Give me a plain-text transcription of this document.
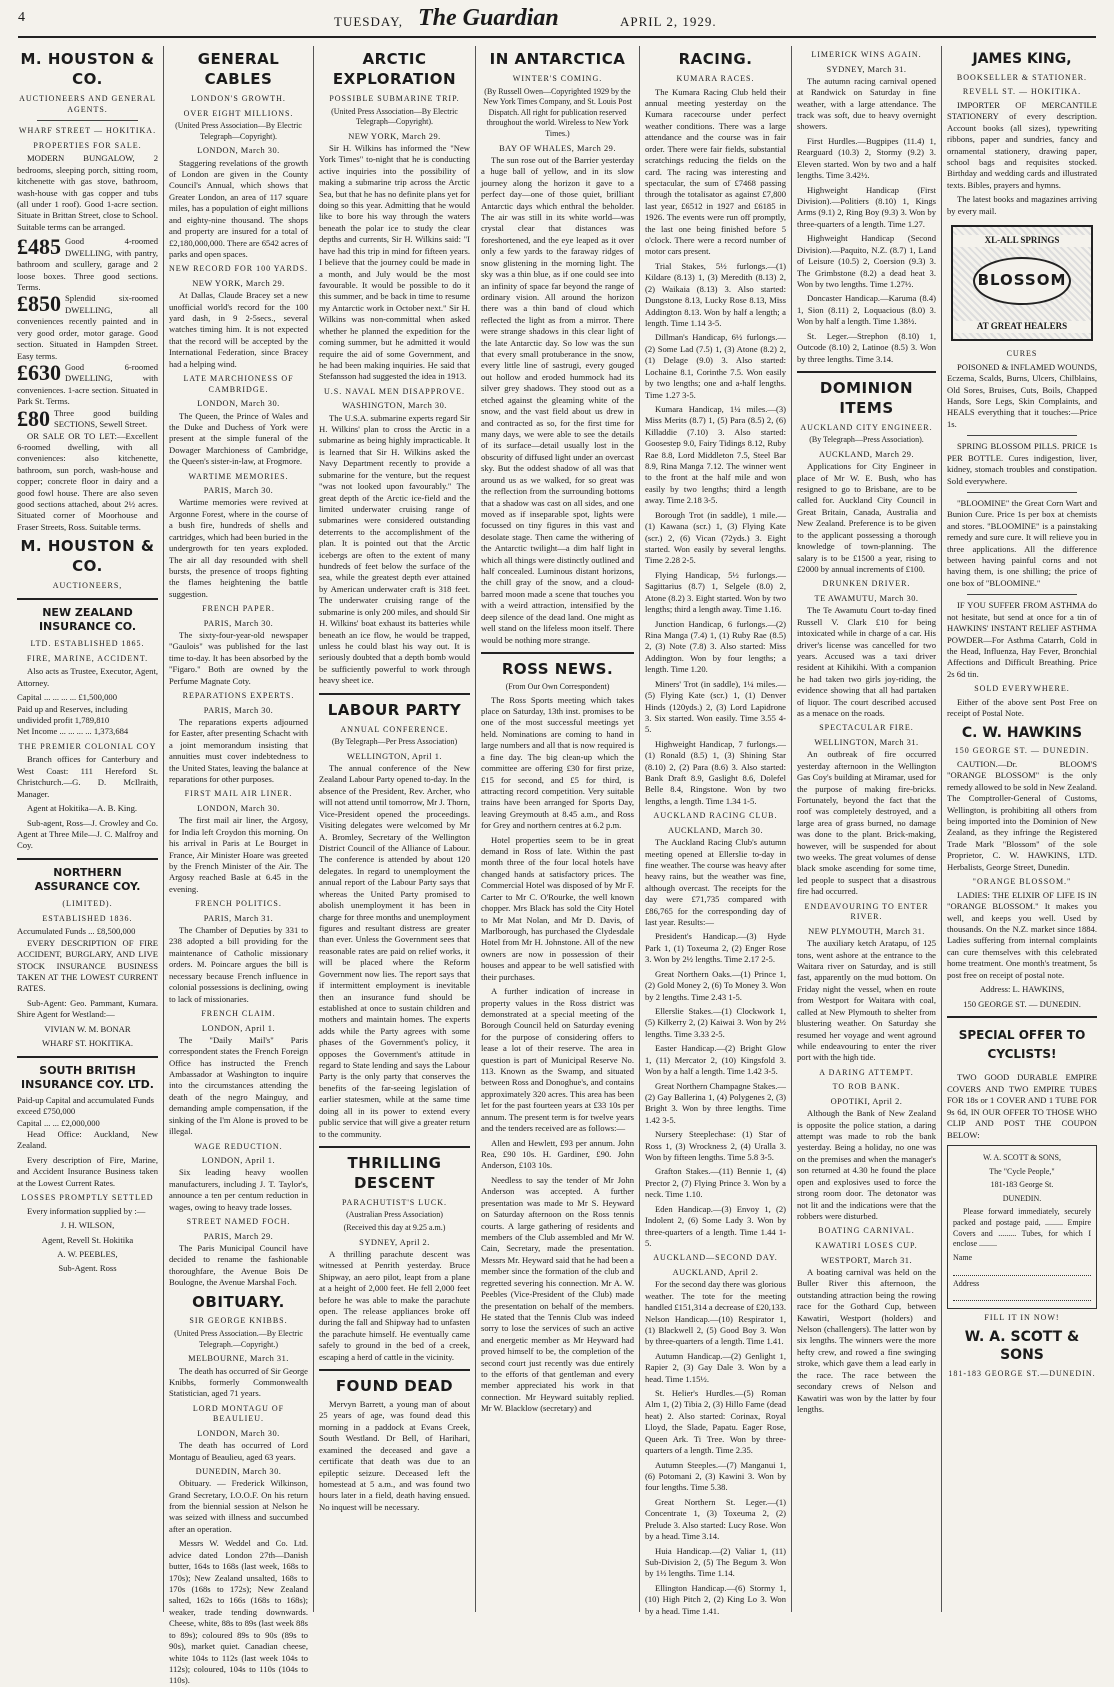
4	TUESDAY, The Guardian	APRIL 2, 1929.
M. HOUSTON & CO.
AUCTIONEERS AND GENERAL AGENTS.
WHARF STREET — HOKITIKA.
PROPERTIES FOR SALE.

MODERN BUNGALOW, 2 bedrooms, sleeping porch, sitting room, kitchenette with gas stove, bathroom, wash-house with gas copper and tubs (all under 1 roof). Good 1-acre section. Situate in Brittan Street, close to School. Suitable terms can be arranged.

£485 Good 4-roomed DWELLING, with pantry, bathroom and scullery, garage and 2 loose boxes. Three good sections. Terms.
£850 Splendid six-roomed DWELLING, all conveniences recently painted and in very good order, motor garage. Good section. Situated in Hampden Street. Easy terms.
£630 Good 6-roomed DWELLING, with conveniences. 1-acre section. Situated in Park St. Terms.
£80 Three good building SECTIONS, Sewell Street.

OR SALE OR TO LET:—Excellent 6-roomed dwelling, with all conveniences: also kitchenette, bathroom, sun porch, wash-house and copper; concrete floor in dairy and a good fowl house. There are also seven good sections attached, about 2½ acres. Situated corner of Moorhouse and Fraser Streets, Ross. Suitable terms.

M. HOUSTON & CO.
AUCTIONEERS,
NEW ZEALAND INSURANCE CO.
LTD. ESTABLISHED 1865.
FIRE, MARINE, ACCIDENT.

Also acts as Trustee, Executor, Agent, Attorney.

Capital ... ... ... ... £1,500,000
Paid up and Reserves, including undivided profit 1,789,810
Net Income ... ... ... ... 1,373,684
THE PREMIER COLONIAL COY

Branch offices for Canterbury and West Coast: 111 Hereford St. Christchurch.—G. D. McIlraith, Manager.

Agent at Hokitika—A. B. King.

Sub-agent, Ross—J. Crowley and Co. Agent at Three Mile—J. C. Malfroy and Coy.

NORTHERN ASSURANCE COY.
(LIMITED).
ESTABLISHED 1836.
Accumulated Funds ... £8,500,000

EVERY DESCRIPTION OF FIRE ACCIDENT, BURGLARY, AND LIVE STOCK INSURANCE BUSINESS TAKEN AT THE LOWEST CURRENT RATES.

Sub-Agent: Geo. Pammant, Kumara. Shire Agent for Westland:—

VIVIAN W. M. BONAR
WHARF ST. HOKITIKA.
SOUTH BRITISH INSURANCE COY. LTD.
Paid-up Capital and accumulated Funds exceed £750,000
Capital ... ... £2,000,000

Head Office: Auckland, New Zealand.

Every description of Fire, Marine, and Accident Insurance Business taken at the Lowest Current Rates.

LOSSES PROMPTLY SETTLED

Every information supplied by :—

J. H. WILSON,
Agent, Revell St. Hokitika
A. W. PEEBLES,
Sub-Agent. Ross
GENERAL CABLES
LONDON'S GROWTH.
OVER EIGHT MILLIONS.
(United Press Association—By Electric Telegraph—Copyright).
LONDON, March 30.

Staggering revelations of the growth of London are given in the County Council's Annual, which shows that Greater London, an area of 117 square miles, has a population of eight millions and eighty-nine thousand. The shops and property are insured for a total of £2,180,000,000. There are 6542 acres of parks and open spaces.

NEW RECORD FOR 100 YARDS.
NEW YORK, March 29.

At Dallas, Claude Bracey set a new unofficial world's record for the 100 yard dash, in 9 2-5secs., several watches timing him. It is not expected that the record will be accepted by the International Federation, since Bracey had a helping wind.

LATE MARCHIONESS OF CAMBRIDGE.
LONDON, March 30.

The Queen, the Prince of Wales and the Duke and Duchess of York were present at the simple funeral of the Dowager Marchioness of Cambridge, the Queen's sister-in-law, at Frogmore.

WARTIME MEMORIES.
PARIS, March 30.

Wartime memories were revived at Argonne Forest, where in the course of a bush fire, hundreds of shells and cartridges, which had been buried in the undergrowth for ten years exploded. The air all day resounded with shell bursts, the presence of troops fighting the flames heightening the battle suggestion.

FRENCH PAPER.
PARIS, March 30.

The sixty-four-year-old newspaper "Gaulois" was published for the last time to-day. It has been absorbed by the "Figaro." Both are owned by the Perfume Magnate Coty.

REPARATIONS EXPERTS.
PARIS, March 30.

The reparations experts adjourned for Easter, after presenting Schacht with a joint memorandum insisting that annuities must cover indebtedness to the United States, leaving the balance at reparations for other purposes.

FIRST MAIL AIR LINER.
LONDON, March 30.

The first mail air liner, the Argosy, for India left Croydon this morning. On his arrival in Paris at Le Bourget in France, Air Minister Hoare was greeted by the French Minister of the Air. The Argosy reached Basle at 6.45 in the evening.

FRENCH POLITICS.
PARIS, March 31.

The Chamber of Deputies by 331 to 238 adopted a bill providing for the maintenance of Catholic missionary orders. M. Poincare argues the bill is necessary because French influence in colonial possessions is declining, owing to lack of missionaries.

FRENCH CLAIM.
LONDON, April 1.

The "Daily Mail's" Paris correspondent states the French Foreign Office has instructed the French Ambassador at Washington to inquire into the circumstances attending the death of the negro Mainguy, and demanding ample compensation, if the sinking of the I'm Alone is proved to be illegal.

WAGE REDUCTION.
LONDON, April 1.

Six leading heavy woollen manufacturers, including J. T. Taylor's, announce a ten per centum reduction in wages, owing to heavy trade losses.

STREET NAMED FOCH.
PARIS, March 29.

The Paris Municipal Council have decided to rename the fashionable thoroughfare, the Avenue Bois De Boulogne, the Avenue Marshal Foch.

OBITUARY.
SIR GEORGE KNIBBS.
(United Press Association.—By Electric Telegraph.—Copyright.)
MELBOURNE, March 31.

The death has occurred of Sir George Knibbs, formerly Commonwealth Statistician, aged 71 years.

LORD MONTAGU OF BEAULIEU.
LONDON, March 30.

The death has occurred of Lord Montagu of Beaulieu, aged 63 years.

DUNEDIN, March 30.

Obituary. — Frederick Wilkinson, Grand Secretary, I.O.O.F. On his return from the biennial session at Nelson he was seized with illness and succumbed after an operation.

Messrs W. Weddel and Co. Ltd. advice dated London 27th—Danish butter, 164s to 168s (last week, 168s to 170s); New Zealand unsalted, 168s to 170s (168s to 172s); New Zealand salted, 162s to 166s (168s to 168s); weaker, trade tending downwards. Cheese, white, 88s to 89s (last week 88s to 89s); coloured 89s to 90s (89s to 90s), market quiet. Canadian cheese, white 104s to 112s (last week 104s to 112s); coloured, 104s to 110s (104s to 110s).

ARCTIC EXPLORATION
POSSIBLE SUBMARINE TRIP.
(United Press Association—By Electric Telegraph—Copyright).
NEW YORK, March 29.

Sir H. Wilkins has informed the "New York Times" to-night that he is conducting active inquiries into the possibility of making a submarine trip across the Arctic Sea, but that he has no definite plans yet for doing so this year. Admitting that he would like to bore his way through the waters beneath the polar ice to study the clear depths and currents, Sir H. Wilkins said: "I have had this trip in mind for fifteen years. I believe that the journey could be made in a month, and July would be the most favourable. It would be possible to do it this summer, and be back in time to resume my Antarctic work in October next." Sir H. Wilkins was non-committal when asked whether he planned the expedition for the coming summer, but he admitted it would require the aid of some Government, and he had been making inquiries. He said that Stefansson had suggested the idea in 1913.

U.S. NAVAL MEN DISAPPROVE.
WASHINGTON, March 30.

The U.S.A. submarine experts regard Sir H. Wilkins' plan to cross the Arctic in a submarine as being highly impracticable. It is learned that Sir H. Wilkins asked the Navy Department recently to provide a submarine for the venture, but the request "was not looked upon favourably." The great depth of the Arctic ice-field and the limited underwater cruising range of submarines were considered outstanding deterrents to the accomplishment of the plan. It is pointed out that the Arctic icebergs are often to the extent of many hundreds of feet below the surface of the sea, while the greatest depth ever attained by American underwater craft is 318 feet. The underwater cruising range of the submarine is only 200 miles, and should Sir H. Wilkins' boat exhaust its batteries while beneath an ice flow, he would be trapped, unless he could blast his way out. It is seriously doubted that a depth bomb would be sufficiently powerful to work through heavy sheet ice.

LABOUR PARTY
ANNUAL CONFERENCE.
(By Telegraph—Per Press Association)
WELLINGTON, April 1.

The annual conference of the New Zealand Labour Party opened to-day. In the absence of the President, Rev. Archer, who will not attend until tomorrow, Mr J. Thorn, Vice-President opened the proceedings. Visiting delegates were welcomed by Mr A. Bromley, Secretary of the Wellington District Council of the Alliance of Labour. The conference is attended by about 120 delegates. In regard to unemployment the annual report of the Labour Party says that whereas the United Party promised to abolish unemployment it has been in charge for three months and unemployment figures and resultant distress are greater than ever. Unless the Government sees that reasonable rates are paid on relief works, it will be placed where the Reform Government now lies. The report says that if intermittent employment is inevitable then an insurance fund should be established at once to sustain children and mothers and maintain homes. The experts adds while the Party agrees with some phases of the Government's policy, it opposes the Government's attitude in regard to State lending and says the Labour Party is the only party that conserves the benefits of the far-seeing legislation of earlier statesmen, while at the same time doing all in its power to extend every public service that will give a greater return to the community.

THRILLING DESCENT
PARACHUTIST'S LUCK.
(Australian Press Association)
(Received this day at 9.25 a.m.)
SYDNEY, April 2.

A thrilling parachute descent was witnessed at Penrith yesterday. Bruce Shipway, an aero pilot, leapt from a plane at a height of 2,000 feet. He fell 2,000 feet before he was able to make the parachute open. The release appliances broke off during the fall and Shipway had to unfasten the parachute himself. He eventually came safely to ground in the bed of a creek, escaping a herd of cattle in the vicinity.

FOUND DEAD

Mervyn Barrett, a young man of about 25 years of age, was found dead this morning in a paddock at Evans Creek, South Westland. Dr Bell, of Harihari, examined the deceased and gave a certificate that death was due to an epileptic seizure. Deceased left the homestead at 5 a.m., and was found two hours later in a field, death having ensued. No inquest will be necessary.

IN ANTARCTICA
WINTER'S COMING.
(By Russell Owen—Copyrighted 1929 by the New York Times Company, and St. Louis Post Dispatch. All right for publication reserved throughout the world. Wireless to New York Times.)
BAY OF WHALES, March 29.

The sun rose out of the Barrier yesterday a huge ball of yellow, and in its slow journey along the horizon it gave to a perfect day—one of those quiet, brilliant Antarctic days which enthral the beholder. The air was still in its white world—was crystal clear that distances was foreshortened, and the eye leaped as it over only a few yards to the faraway ridges of snow glistening in the morning light. The sky was a thin blue, as if one could see into an infinity of space far beyond the range of ordinary vision. All around the horizon there was a thin band of cloud which reflected the light as from a mirror. There were strange shadows in this clear light of the late Antarctic day. So low was the sun that every small protuberance in the snow, every little line of sastrugi, every gouged out hollow and eroded hummock had its silver grey shadows. They stood out as a etched against the gleaming white of the snow, and the vast field about us drew in and contracted as so, for the first time for many days, we were able to see the details of its surface—detail usually lost in the obscurity of diffused light under an overcast sky. But the oddest shadow of all was that around us as we walked, for so great was the reflection from the surrounding bottoms that a shadow was cast on all sides, and one moved as if inseparable spot, lights were focussed on tiny figures in this vast and desolate stage. Then came the withering of the Antarctic twilight—a dim half light in which all things were distinctly outlined and half concealed. Luminous distant horizons, the chill gray of the snow, and a cloud-barred moon made a scene that touches you with a weird attraction, intensified by the deep silence of the dead land. One might as well stand on the lifeless moon itself. There would be nothing more strange.

ROSS NEWS.
(From Our Own Correspondent)

The Ross Sports meeting which takes place on Saturday, 13th inst. promises to be one of the most successful meetings yet held. Nominations are coming to hand in large numbers and all that is now required is a fine day. The big clean-up which the committee are offering £30 for first prize, £15 for second, and £5 for third, is attracting record competition. Very suitable trains have been arranged for Sports Day, leaving Greymouth at 8.45 a.m., and Ross for Grey and northern centres at 6.2 p.m.

Hotel properties seem to be in great demand in Ross of late. Within the past month three of the four local hotels have changed hands at satisfactory prices. The Commercial Hotel was disposed of by Mr F. Carter to Mr C. O'Rourke, the well known chopper. Mrs Black has sold the City Hotel to Mr Mat Nolan, and Mr D. Davis, of Marlborough, has purchased the Clydesdale Hotel from Mr H. Johnstone. All of the new owners are now in possession of their houses and appear to be well satisfied with their purchases.

A further indication of increase in property values in the Ross district was demonstrated at a special meeting of the Borough Council held on Saturday evening for the purpose of considering offers to lease a lot of their reserve. The area in question is part of Municipal Reserve No. 113. Known as the Swamp, and situated between Ross and Donoghue's, and contains approximately 320 acres. This area has been let for the past fourteen years at £33 10s per annum. The present term is for twelve years and the tenders received are as follows:—

Allen and Hewlett, £93 per annum. John Rea, £90 10s. H. Gardiner, £90. John Anderson, £103 10s.

Needless to say the tender of Mr John Anderson was accepted. A further presentation was made to Mr S. Heyward on Saturday afternoon on the Ross tennis courts. A large gathering of residents and members of the Club assembled and Mr W. Cain, Secretary, made the presentation. Messrs Mr. Heyward said that he had been a member since the formation of the club and regretted severing his connection. Mr A. W. Peebles (Vice-President of the Club) made the presentation on behalf of the members. He stated that the Tennis Club was indeed sorry to lose the services of such an active and energetic member as Mr Heyward had proved himself to be, the completion of the second court just recently was due entirely to the efforts of that gentleman and every member appreciated his work in that connection. Mr Heyward suitably replied. Mr W. Blacklow (secretary) and

RACING.
KUMARA RACES.

The Kumara Racing Club held their annual meeting yesterday on the Kumara racecourse under perfect weather conditions. There was a large attendance and the course was in fair order. There were fair fields, substantial scratchings reducing the fields on the card. The racing was interesting and spectacular, the sum of £7468 passing through the totalisator as against £7,800 last year, £6512 in 1927 and £6185 in 1926. The events were run off promptly, the last one being finished before 5 o'clock. There were a record number of motor cars present.

Trial Stakes, 5½ furlongs.—(1) Kildare (8.13) 1, (3) Meredith (8.13) 2, (2) Waikaia (8.13) 3. Also started: Dungstone 8.13, Lucky Rose 8.13, Miss Addington 8.13. Won by half a length; a length. Time 1.14 3-5.

Dillman's Handicap, 6½ furlongs.—(2) Some Lad (7.5) 1, (3) Atone (8.2) 2, (1) Delage (9.0) 3. Also started: Lochaine 8.1, Corinthe 7.5. Won easily by two lengths; one and a-half lengths. Time 1.27 3-5.

Kumara Handicap, 1¼ miles.—(3) Miss Merits (8.7) 1, (5) Para (8.5) 2, (6) Killaddie (7.10) 3. Also started: Goosestep 9.0, Fairy Tidings 8.12, Ruby Rae 8.8, Lord Middleton 7.5, Steel Bar 8.9, Rina Manga 7.12. The winner went to the front at the half mile and won easily by two lengths; third a length away. Time 2.18 3-5.

Borough Trot (in saddle), 1 mile.—(1) Kawana (scr.) 1, (3) Flying Kate (scr.) 2, (6) Vican (72yds.) 3. Eight started. Won easily by several lengths. Time 2.28 2-5.

Flying Handicap, 5½ furlongs.—Sagittarius (8.7) 1, Selgele (8.0) 2, Atone (8.2) 3. Eight started. Won by two lengths; third a length away. Time 1.16.

Junction Handicap, 6 furlongs.—(2) Rina Manga (7.4) 1, (1) Ruby Rae (8.5) 2, (3) Note (7.8) 3. Also started: Miss Addington. Won by four lengths; a length. Time 1.20.

Miners' Trot (in saddle), 1¼ miles.—(5) Flying Kate (scr.) 1, (1) Denver Hinds (120yds.) 2, (3) Lord Lapidrone 3. Six started. Won easily. Time 3.55 4-5.

Highweight Handicap, 7 furlongs.—(1) Ronald (8.5) 1, (3) Shining Star (8.10) 2, (2) Para (8.6) 3. Also started: Bank Draft 8.9, Gaslight 8.6, Dolefel Belle 8.4, Ringstone. Won by two lengths, a length. Time 1.34 1-5.

AUCKLAND RACING CLUB.
AUCKLAND, March 30.

The Auckland Racing Club's autumn meeting opened at Ellerslie to-day in fine weather. The course was heavy after heavy rains, but the weather was fine, although overcast. The receipts for the day were £71,735 compared with £86,765 for the corresponding day of last year. Results:—

President's Handicap.—(3) Hyde Park 1, (1) Toxeuma 2, (2) Enger Rose 3. Won by 2½ lengths. Time 2.17 2-5.

Great Northern Oaks.—(1) Prince 1, (2) Gold Money 2, (6) To Money 3. Won by 2 lengths. Time 2.43 1-5.

Ellerslie Stakes.—(1) Clockwork 1, (5) Kilkerry 2, (2) Kaiwai 3. Won by 2½ lengths. Time 3.33 2-5.

Easter Handicap.—(2) Bright Glow 1, (11) Mercator 2, (10) Kingsfold 3. Won by a half a length. Time 1.42 3-5.

Great Northern Champagne Stakes.—(2) Gay Ballerina 1, (4) Polygenes 2, (3) Bright 3. Won by three lengths. Time 1.42 3-5.

Nursery Steeplechase: (1) Star of Ross 1, (3) Wrockness 2, (4) Uralla 3. Won by fifteen lengths. Time 5.8 3-5.

Grafton Stakes.—(11) Bennie 1, (4) Prector 2, (7) Flying Prince 3. Won by a neck. Time 1.10.

Eden Handicap.—(3) Envoy 1, (2) Indolent 2, (6) Some Lady 3. Won by three-quarters of a length. Time 1.44 1-5.

AUCKLAND—SECOND DAY.
AUCKLAND, April 2.

For the second day there was glorious weather. The tote for the meeting handled £151,314 a decrease of £20,133. Nelson Handicap.—(10) Respirator 1, (1) Blackwell 2, (5) Good Boy 3. Won by three-quarters of a length. Time 1.41.

Autumn Handicap.—(2) Genlight 1, Rapier 2, (3) Gay Dale 3. Won by a head. Time 1.15½.

St. Helier's Hurdles.—(5) Roman Alm 1, (2) Tibia 2, (3) Hillo Fame (dead heat) 2. Also started: Corinax, Royal Lloyd, the Slade, Papatu. Eager Rose, Queen Ark. Ti Tree. Won by three-quarters of a length. Time 2.35.

Autumn Steeples.—(7) Manganui 1, (6) Potomani 2, (3) Kawini 3. Won by four lengths. Time 5.38.

Great Northern St. Leger.—(1) Concentrate 1, (3) Toxeuma 2, (2) Prelude 3. Also started: Lucy Rose. Won by a head. Time 3.14.

Huia Handicap.—(2) Valiar 1, (11) Sub-Division 2, (5) The Begum 3. Won by 1½ lengths. Time 1.14.

Ellington Handicap.—(6) Stormy 1, (10) High Pitch 2, (2) King Lo 3. Won by a head. Time 1.41.

LIMERICK WINS AGAIN.
SYDNEY, March 31.

The autumn racing carnival opened at Randwick on Saturday in fine weather, with a large attendance. The track was soft, due to heavy overnight showers.

First Hurdles.—Bugpipes (11.4) 1, Rearguard (10.3) 2, Stormy (9.2) 3. Eleven started. Won by two and a half lengths. Time 3.42½.

Highweight Handicap (First Division).—Politiers (8.10) 1, Kings Arms (9.1) 2, Ring Boy (9.3) 3. Won by three-quarters of a length. Time 1.27.

Highweight Handicap (Second Division).—Paquito, N.Z. (8.7) 1, Land of Leisure (10.5) 2, Coersion (9.3) 3. The Grimbstone (8.2) a dead heat 3. Won by two lengths. Time 1.27½.

Doncaster Handicap.—Karuma (8.4) 1, Sion (8.11) 2, Loquacious (8.0) 3. Won by half a length. Time 1.38½.

St. Leger.—Strephon (8.10) 1, Outcode (8.10) 2, Latinoe (8.5) 3. Won by three lengths. Time 3.14.

DOMINION ITEMS
AUCKLAND CITY ENGINEER.
(By Telegraph—Press Association).
AUCKLAND, March 29.

Applications for City Engineer in place of Mr W. E. Bush, who has resigned to go to Brisbane, are to be called for. Auckland City Council in Great Britain, Canada, Australia and New Zealand. Preference is to be given to the applicant possessing a thorough knowledge of town-planning. The salary is to be £1500 a year, rising to £2000 by annual increments of £100.

DRUNKEN DRIVER.
TE AWAMUTU, March 30.

The Te Awamutu Court to-day fined Russell V. Clark £10 for being intoxicated while in charge of a car. His driver's license was cancelled for two years. Accused was a taxi driver resident at Kihikihi. With a companion he had taken two girls joy-riding, the evidence showing that all had partaken of liquor. The court described accused as a menace on the roads.

SPECTACULAR FIRE.
WELLINGTON, March 31.

An outbreak of fire occurred yesterday afternoon in the Wellington Gas Coy's building at Miramar, used for the purpose of making fire-bricks. Fortunately, beyond the fact that the roof was completely destroyed, and a large area of grass burned, no damage was done to the plant. Brick-making, however, will be suspended for about two weeks. The great volumes of dense black smoke ascending for some time, led people to suspect that a disastrous fire had occurred.

ENDEAVOURING TO ENTER RIVER.
NEW PLYMOUTH, March 31.

The auxiliary ketch Aratapu, of 125 tons, went ashore at the entrance to the Waitara river on Saturday, and is still fast, apparently on the mud bottom. On Friday night the vessel, when en route from Westport for Waitara with coal, called at New Plymouth to shelter from blustering weather. On Saturday she resumed her voyage and went aground while endeavouring to enter the river port with the high tide.

A DARING ATTEMPT.
TO ROB BANK.
OPOTIKI, April 2.

Although the Bank of New Zealand is opposite the police station, a daring attempt was made to rob the bank yesterday. Being a holiday, no one was on the premises and when the manager's son returned at 4.30 he found the place open and explosives used to force the strong room door. The detonator was not lit and the indications were that the robbers were disturbed.

BOATING CARNIVAL.
KAWATIRI LOSES CUP.
WESTPORT, March 31.

A boating carnival was held on the Buller River this afternoon, the outstanding attraction being the rowing race for the Gothard Cup, between Kawatiri, Westport (holders) and Nelson (challengers). The latter won by six lengths. The winners were the more hefty crew, and rowed a fine swinging stroke, which gave them a lead early in the race. The race between the secondary crews of Nelson and Kawatiri was won by the latter by four lengths.

JAMES KING,
BOOKSELLER & STATIONER.
REVELL ST. — HOKITIKA.

IMPORTER OF MERCANTILE STATIONERY of every description. Account books (all sizes), typewriting ribbons, paper and sundries, fancy and ornamental stationery, drawing paper, school bags and requisites stocked. Birthday and wedding cards and illustrated texts. Bibles, prayers and hymns.

The latest books and magazines arriving by every mail.

XL-ALL SPRINGS
BLOSSOM
AT GREAT HEALERS
CURES

POISONED & INFLAMED WOUNDS, Eczema, Scalds, Burns, Ulcers, Chilblains, Old Sores, Bruises, Cuts, Boils, Chapped Hands, Sore Legs, Skin Complaints, and HEALS everything that it touches:—Price 1s.

SPRING BLOSSOM PILLS. PRICE 1s PER BOTTLE. Cures indigestion, liver, kidney, stomach troubles and constipation. Sold everywhere.

"BLOOMINE" the Great Corn Wart and Bunion Cure. Price 1s per box at chemists and stores. "BLOOMINE" is a painstaking remedy and sure cure. It will relieve you in three applications. All the difference between having painful corns and not having them, is one shilling; the price of one box of "BLOOMINE."

IF YOU SUFFER FROM ASTHMA do not hesitate, but send at once for a tin of HAWKINS' INSTANT RELIEF ASTHMA POWDER—For Asthma Catarrh, Cold in the Head, Influenza, Hay Fever, Bronchial Affections and Difficult Breathing. Price 2s 6d tin.

SOLD EVERYWHERE.

Either of the above sent Post Free on receipt of Postal Note.

C. W. HAWKINS
150 GEORGE ST. — DUNEDIN.

CAUTION.—Dr. BLOOM'S "ORANGE BLOSSOM" is the only remedy allowed to be sold in New Zealand. The Comptroller-General of Customs, Wellington, is prohibiting all others from being imported into the Dominion of New Zealand, as they infringe the Registered Trade Mark "Blossom" of the sole Proprietor, C. W. HAWKINS, LTD. Herbalists, George Street, Dunedin.

"ORANGE BLOSSOM."

LADIES: THE ELIXIR OF LIFE IS IN "ORANGE BLOSSOM." It makes you well, and keeps you well. Used by thousands. On the N.Z. market since 1884. Ladies suffering from internal complaints can cure themselves with this celebrated home treatment. One month's treatment, 5s post free on receipt of postal note.

Address: L. HAWKINS,
150 GEORGE ST. — DUNEDIN.
SPECIAL OFFER TO CYCLISTS!

TWO GOOD DURABLE EMPIRE COVERS AND TWO EMPIRE TUBES FOR 18s or 1 COVER AND 1 TUBE FOR 9s 6d, IN OUR OFFER TO THOSE WHO CLIP AND POST THE COUPON BELOW:

W. A. SCOTT & SONS,
The "Cycle People,"
181-183 George St.
DUNEDIN.

Please forward immediately, securely packed and postage paid, ......... Empire Covers and ......... Tubes, for which I enclose .........

Name
Address
FILL IT IN NOW!
W. A. SCOTT & SONS
181-183 GEORGE ST.—DUNEDIN.
